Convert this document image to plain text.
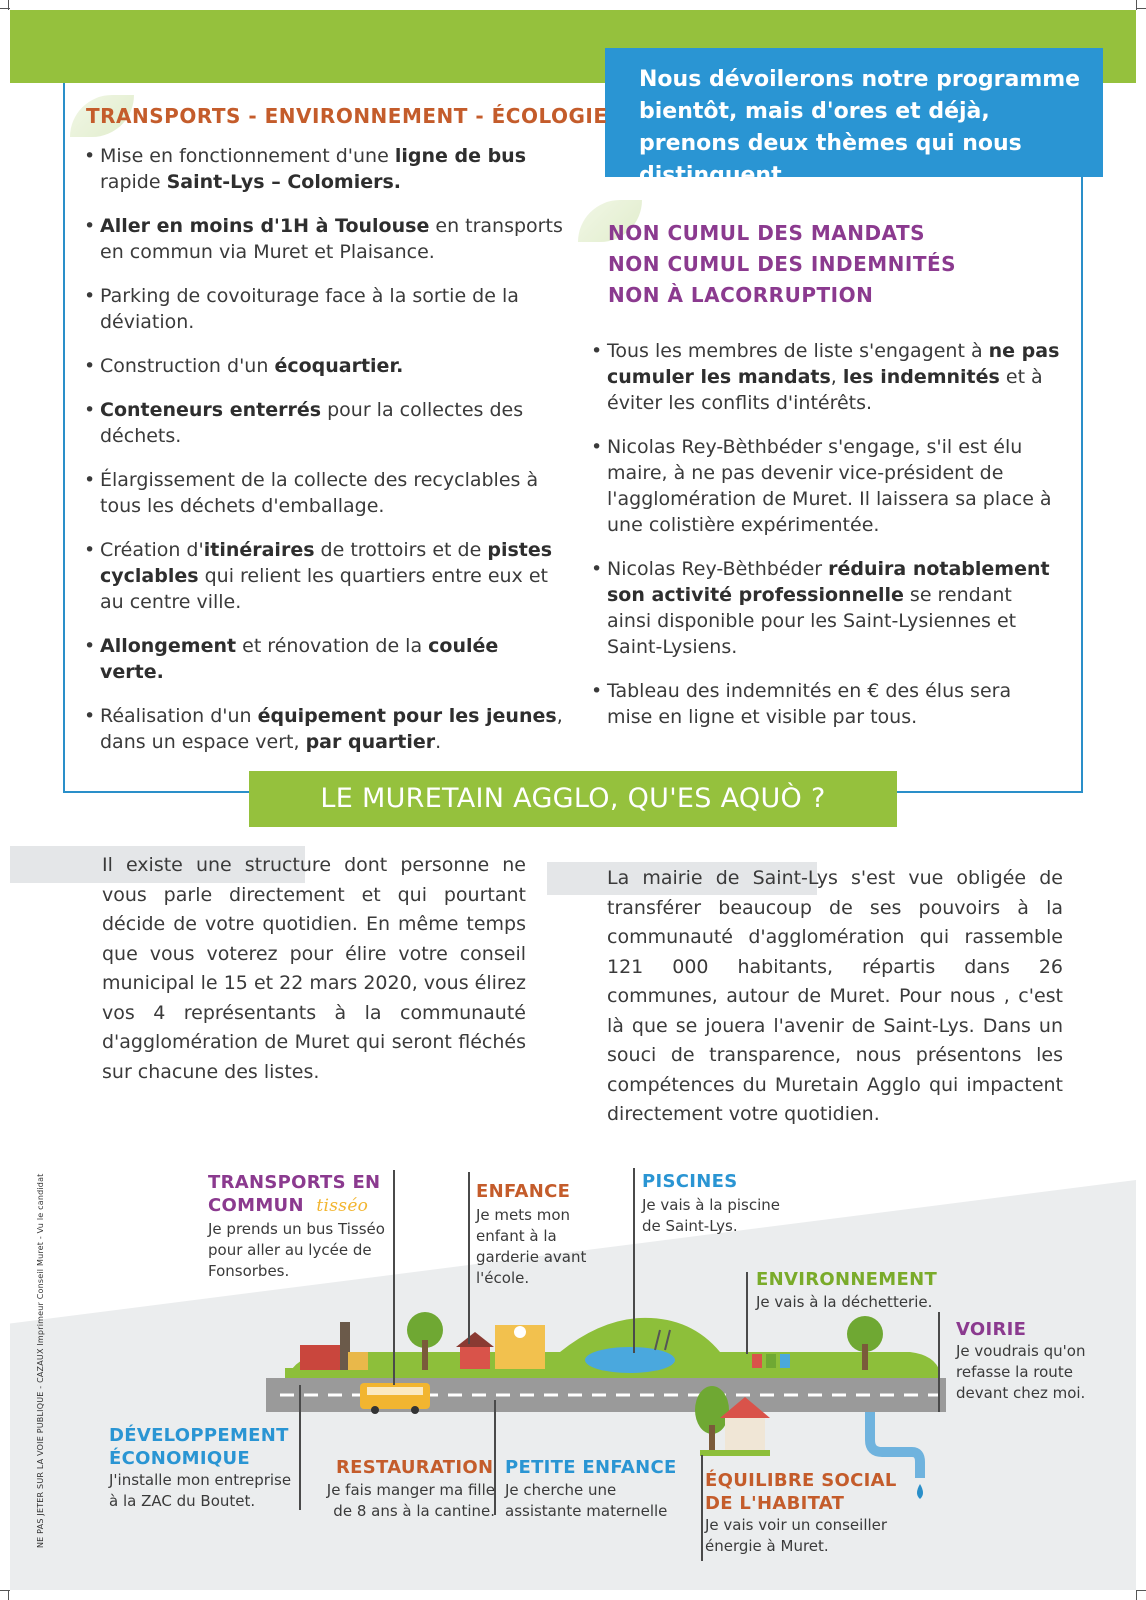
Nous dévoilerons notre programme bientôt, mais d'ores et déjà, prenons deux thèmes qui nous distinguent.
TRANSPORTS - ENVIRONNEMENT - ÉCOLOGIE
• Mise en fonctionnement d'une ligne de bus rapide Saint-Lys – Colomiers.
• Aller en moins d'1H à Toulouse en transports en commun via Muret et Plaisance.
• Parking de covoiturage face à la sortie de la déviation.
• Construction d'un écoquartier.
• Conteneurs enterrés pour la collectes des déchets.
• Élargissement de la collecte des recyclables à tous les déchets d'emballage.
• Création d'itinéraires de trottoirs et de pistes cyclables qui relient les quartiers entre eux et au centre ville.
• Allongement et rénovation de la coulée verte.
• Réalisation d'un équipement pour les jeunes, dans un espace vert, par quartier.
NON CUMUL DES MANDATS
NON CUMUL DES INDEMNITÉS
NON À LACORRUPTION
• Tous les membres de liste s'engagent à ne pas cumuler les mandats, les indemnités et à éviter les conflits d'intérêts.
• Nicolas Rey-Bèthbéder s'engage, s'il est élu maire, à ne pas devenir vice-président de l'agglomération de Muret. Il laissera sa place à une colistière expérimentée.
• Nicolas Rey-Bèthbéder réduira notablement son activité professionnelle se rendant ainsi disponible pour les Saint-Lysiennes et Saint-Lysiens.
• Tableau des indemnités en € des élus sera mise en ligne et visible par tous.
LE MURETAIN AGGLO, QU'ES AQUÒ ?
Il existe une structure dont personne ne vous parle directement et qui pourtant décide de votre quotidien. En même temps que vous voterez pour élire votre conseil municipal le 15 et 22 mars 2020, vous élirez vos 4 représentants à la communauté d'agglomération de Muret qui seront fléchés sur chacune des listes.
La mairie de Saint-Lys s'est vue obligée de transférer beaucoup de ses pouvoirs à la communauté d'agglomération qui rassemble 121 000 habitants, répartis dans 26 communes, autour de Muret. Pour nous , c'est là que se jouera l'avenir de Saint-Lys. Dans un souci de transparence, nous présentons les compétences du Muretain Agglo qui impactent directement votre quotidien.
TRANSPORTS EN COMMUN tisséo
Je prends un bus Tisséo pour aller au lycée de Fonsorbes.
ENFANCE
Je mets mon enfant à la garderie avant l'école.
PISCINES
Je vais à la piscine de Saint-Lys.
ENVIRONNEMENT
Je vais à la déchetterie.
VOIRIE
Je voudrais qu'on refasse la route devant chez moi.
DÉVELOPPEMENT ÉCONOMIQUE
J'installe mon entreprise à la ZAC du Boutet.
RESTAURATION
Je fais manger ma fille de 8 ans à la cantine.
PETITE ENFANCE
Je cherche une assistante maternelle
ÉQUILIBRE SOCIAL DE L'HABITAT
Je vais voir un conseiller énergie à Muret.
NE PAS JETER SUR LA VOIE PUBLIQUE - CAZAUX Imprimeur Conseil Muret - Vu le candidat
